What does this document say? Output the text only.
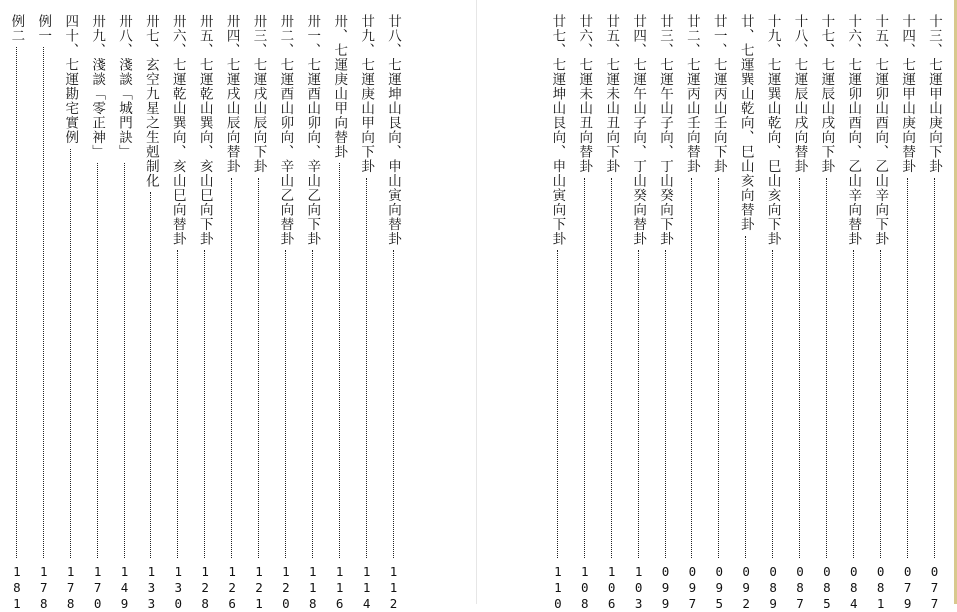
廿八、七運坤山艮向、申山寅向替卦
112
廿九、七運庚山甲向下卦
114
卅、七運庚山甲向替卦
116
卅一、七運酉山卯向、辛山乙向下卦
118
卅二、七運酉山卯向、辛山乙向替卦
120
卅三、七運戌山辰向下卦
121
卅四、七運戌山辰向替卦
126
卅五、七運乾山巽向、亥山巳向下卦
128
卅六、七運乾山巽向、亥山巳向替卦
130
卅七、玄空九星之生剋制化
133
卅八、淺談「城門訣」
149
卅九、淺談「零正神」
170
四十、七運勘宅實例
178
例一
178
例二
181
十三、七運甲山庚向下卦
077
十四、七運甲山庚向替卦
079
十五、七運卯山酉向、乙山辛向下卦
081
十六、七運卯山酉向、乙山辛向替卦
084
十七、七運辰山戌向下卦
085
十八、七運辰山戌向替卦
087
十九、七運巽山乾向、巳山亥向下卦
089
廿、七運巽山乾向、巳山亥向替卦
092
廿一、七運丙山壬向下卦
095
廿二、七運丙山壬向替卦
097
廿三、七運午山子向、丁山癸向下卦
099
廿四、七運午山子向、丁山癸向替卦
103
廿五、七運未山丑向下卦
106
廿六、七運未山丑向替卦
108
廿七、七運坤山艮向、申山寅向下卦
110
